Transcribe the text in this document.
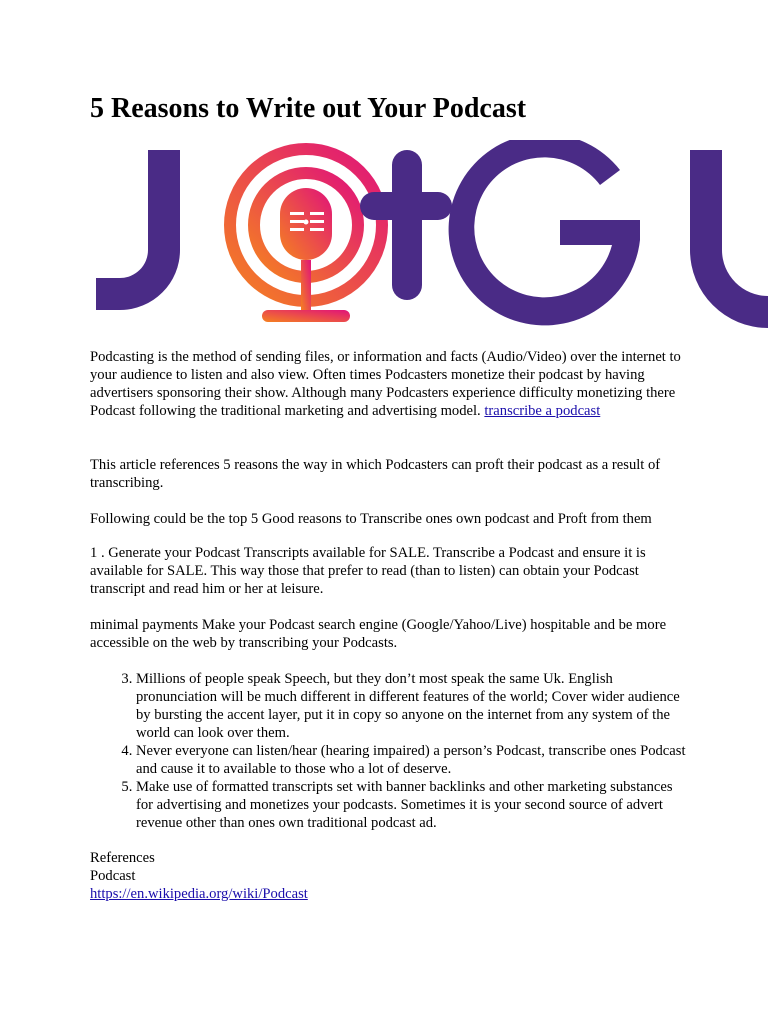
5 Reasons to Write out Your Podcast

Podcasting is the method of sending files, or information and facts (Audio/Video) over the internet to your audience to listen and also view. Often times Podcasters monetize their podcast by having advertisers sponsoring their show. Although many Podcasters experience difficulty monetizing there Podcast following the traditional marketing and advertising model. transcribe a podcast

This article references 5 reasons the way in which Podcasters can proft their podcast as a result of transcribing.

Following could be the top 5 Good reasons to Transcribe ones own podcast and Proft from them

1 . Generate your Podcast Transcripts available for SALE. Transcribe a Podcast and ensure it is available for SALE. This way those that prefer to read (than to listen) can obtain your Podcast transcript and read him or her at leisure.

minimal payments Make your Podcast search engine (Google/Yahoo/Live) hospitable and be more accessible on the web by transcribing your Podcasts.

3. Millions of people speak Speech, but they don’t most speak the same Uk. English pronunciation will be much different in different features of the world; Cover wider audience by bursting the accent layer, put it in copy so anyone on the internet from any system of the world can look over them.
4. Never everyone can listen/hear (hearing impaired) a person’s Podcast, transcribe ones Podcast and cause it to available to those who a lot of deserve.
5. Make use of formatted transcripts set with banner backlinks and other marketing substances for advertising and monetizes your podcasts. Sometimes it is your second source of advert revenue other than ones own traditional podcast ad.

References

Podcast

https://en.wikipedia.org/wiki/Podcast
